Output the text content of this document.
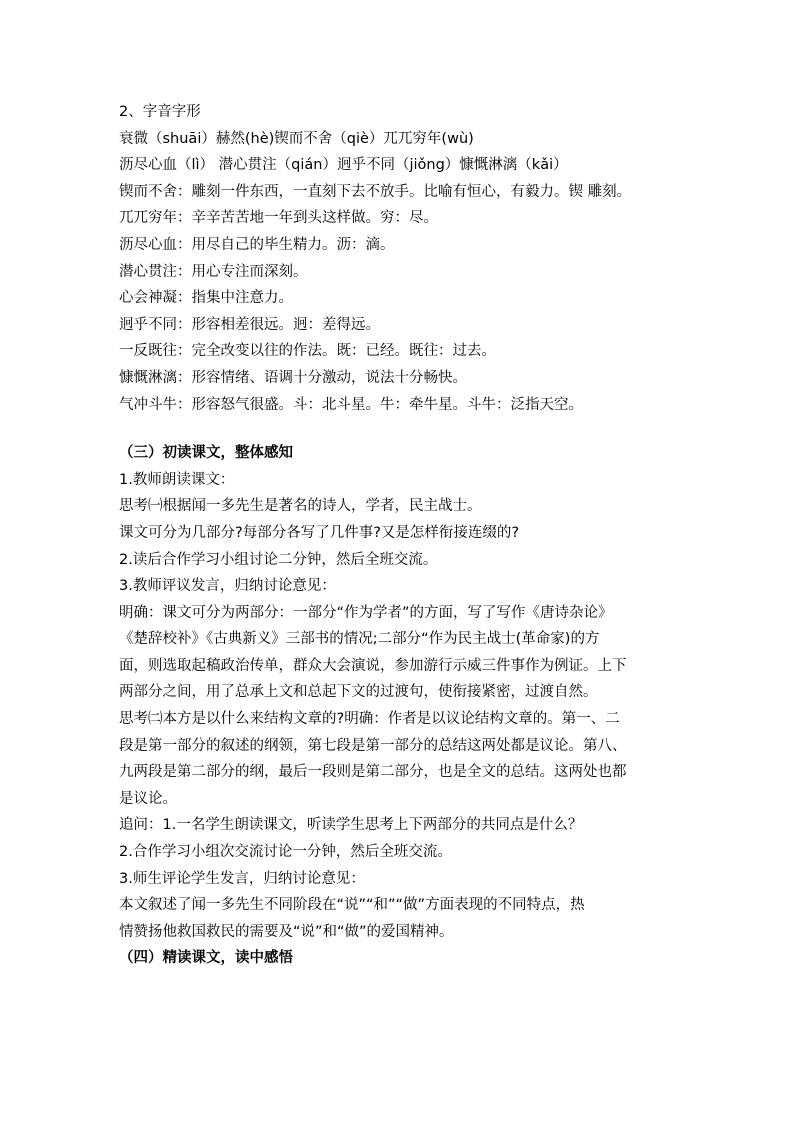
2、字音字形
衰微（shuāi）赫然(hè)锲而不舍（qiè）兀兀穷年(wù)
沥尽心血（lì） 潜心贯注（qián）迥乎不同（jiǒng）慷慨淋漓（kǎi）
锲而不舍：雕刻一件东西，一直刻下去不放手。比喻有恒心，有毅力。锲 雕刻。
兀兀穷年：辛辛苦苦地一年到头这样做。穷：尽。
沥尽心血：用尽自己的毕生精力。沥：滴。
潜心贯注：用心专注而深刻。
心会神凝：指集中注意力。
迥乎不同：形容相差很远。迥：差得远。
一反既往：完全改变以往的作法。既：已经。既往：过去。
慷慨淋漓：形容情绪、语调十分激动，说法十分畅快。
气冲斗牛：形容怒气很盛。斗：北斗星。牛：牵牛星。斗牛：泛指天空。
（三）初读课文，整体感知
1.教师朗读课文：
思考㈠根据闻一多先生是著名的诗人，学者，民主战士。
课文可分为几部分?每部分各写了几件事?又是怎样衔接连缀的?
2.读后合作学习小组讨论二分钟，然后全班交流。
3.教师评议发言，归纳讨论意见：
明确：课文可分为两部分：一部分“作为学者”的方面，写了写作《唐诗杂论》
《楚辞校补》《古典新义》三部书的情况;二部分“作为民主战士(革命家)的方
面，则选取起稿政治传单，群众大会演说，参加游行示威三件事作为例证。上下
两部分之间，用了总承上文和总起下文的过渡句，使衔接紧密，过渡自然。
思考㈡本方是以什么来结构文章的?明确：作者是以议论结构文章的。第一、二
段是第一部分的叙述的纲领，第七段是第一部分的总结这两处都是议论。第八、
九两段是第二部分的纲，最后一段则是第二部分，也是全文的总结。这两处也都
是议论。
追问：1.一名学生朗读课文，听读学生思考上下两部分的共同点是什么？
2.合作学习小组次交流讨论一分钟，然后全班交流。
3.师生评论学生发言，归纳讨论意见：
本文叙述了闻一多先生不同阶段在“说”“和”“做”方面表现的不同特点，热
情赞扬他救国救民的需要及“说”和“做”的爱国精神。
（四）精读课文，读中感悟
